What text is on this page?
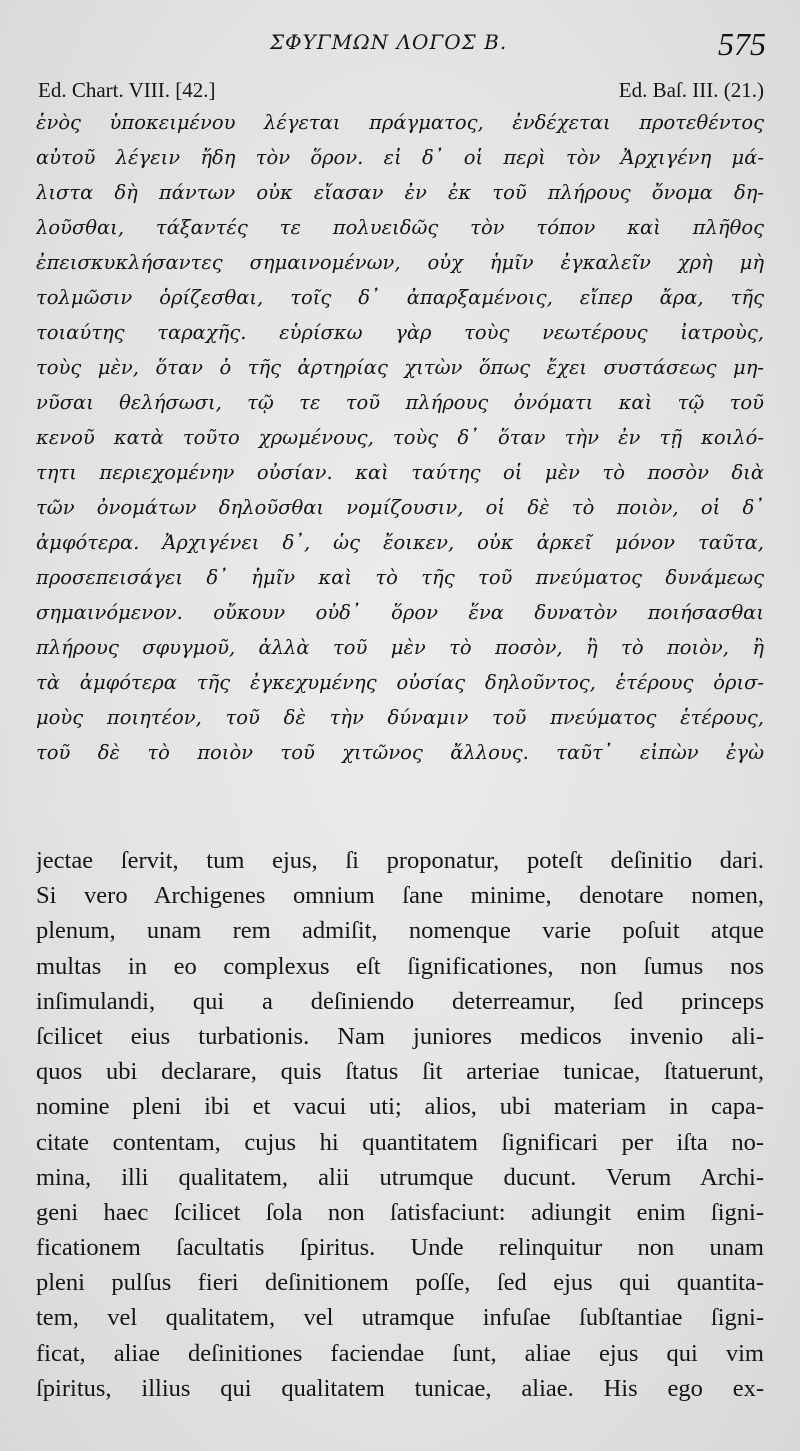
ΣΦΥΓΜΩΝ ΛΟΓΟΣ Β.	575
Ed. Chart. VIII. [42.]	Ed. Baſ. III. (21.)
ἑνὸς ὑποκειμένου λέγεται πράγματος, ἐνδέχεται προτεθέντος
αὐτοῦ λέγειν ἤδη τὸν ὅρον. εἰ δ᾽ οἱ περὶ τὸν Ἀρχιγένη μά-
λιστα δὴ πάντων οὐκ εἴασαν ἐν ἐκ τοῦ πλήρους ὄνομα δη-
λοῦσθαι, τάξαντές τε πολυειδῶς τὸν τόπον καὶ πλῆθος
ἐπεισκυκλήσαντες σημαινομένων, οὐχ ἡμῖν ἐγκαλεῖν χρὴ μὴ
τολμῶσιν ὁρίζεσθαι, τοῖς δ᾽ ἀπαρξαμένοις, εἴπερ ἄρα, τῆς
τοιαύτης ταραχῆς. εὑρίσκω γὰρ τοὺς νεωτέρους ἰατροὺς,
τοὺς μὲν, ὅταν ὁ τῆς ἀρτηρίας χιτὼν ὅπως ἔχει συστάσεως μη-
νῦσαι θελήσωσι, τῷ τε τοῦ πλήρους ὀνόματι καὶ τῷ τοῦ
κενοῦ κατὰ τοῦτο χρωμένους, τοὺς δ᾽ ὅταν τὴν ἐν τῇ κοιλό-
τητι περιεχομένην οὐσίαν. καὶ ταύτης οἱ μὲν τὸ ποσὸν διὰ
τῶν ὀνομάτων δηλοῦσθαι νομίζουσιν, οἱ δὲ τὸ ποιὸν, οἱ δ᾽
ἀμφότερα. Ἀρχιγένει δ᾽, ὡς ἔοικεν, οὐκ ἀρκεῖ μόνον ταῦτα,
προσεπεισάγει δ᾽ ἡμῖν καὶ τὸ τῆς τοῦ πνεύματος δυνάμεως
σημαινόμενον. οὔκουν οὐδ᾽ ὅρον ἕνα δυνατὸν ποιήσασθαι
πλήρους σφυγμοῦ, ἀλλὰ τοῦ μὲν τὸ ποσὸν, ἢ τὸ ποιὸν, ἢ
τὰ ἀμφότερα τῆς ἐγκεχυμένης οὐσίας δηλοῦντος, ἑτέρους ὁρισ-
μοὺς ποιητέον, τοῦ δὲ τὴν δύναμιν τοῦ πνεύματος ἑτέρους,
τοῦ δὲ τὸ ποιὸν τοῦ χιτῶνος ἄλλους. ταῦτ᾽ εἰπὼν ἐγὼ
jectae ſervit, tum ejus, ſi proponatur, poteſt deſinitio dari.
Si vero Archigenes omnium ſane minime, denotare nomen,
plenum, unam rem admiſit, nomenque varie poſuit atque
multas in eo complexus eſt ſignificationes, non ſumus nos
inſimulandi, qui a deſiniendo deterreamur, ſed princeps
ſcilicet eius turbationis. Nam juniores medicos invenio ali-
quos ubi declarare, quis ſtatus ſit arteriae tunicae, ſtatuerunt,
nomine pleni ibi et vacui uti; alios, ubi materiam in capa-
citate contentam, cujus hi quantitatem ſignificari per iſta no-
mina, illi qualitatem, alii utrumque ducunt. Verum Archi-
geni haec ſcilicet ſola non ſatisfaciunt: adiungit enim ſigni-
ficationem ſacultatis ſpiritus. Unde relinquitur non unam
pleni pulſus fieri deſinitionem poſſe, ſed ejus qui quantita-
tem, vel qualitatem, vel utramque infuſae ſubſtantiae ſigni-
ficat, aliae deſinitiones faciendae ſunt, aliae ejus qui vim
ſpiritus, illius qui qualitatem tunicae, aliae. His ego ex-
